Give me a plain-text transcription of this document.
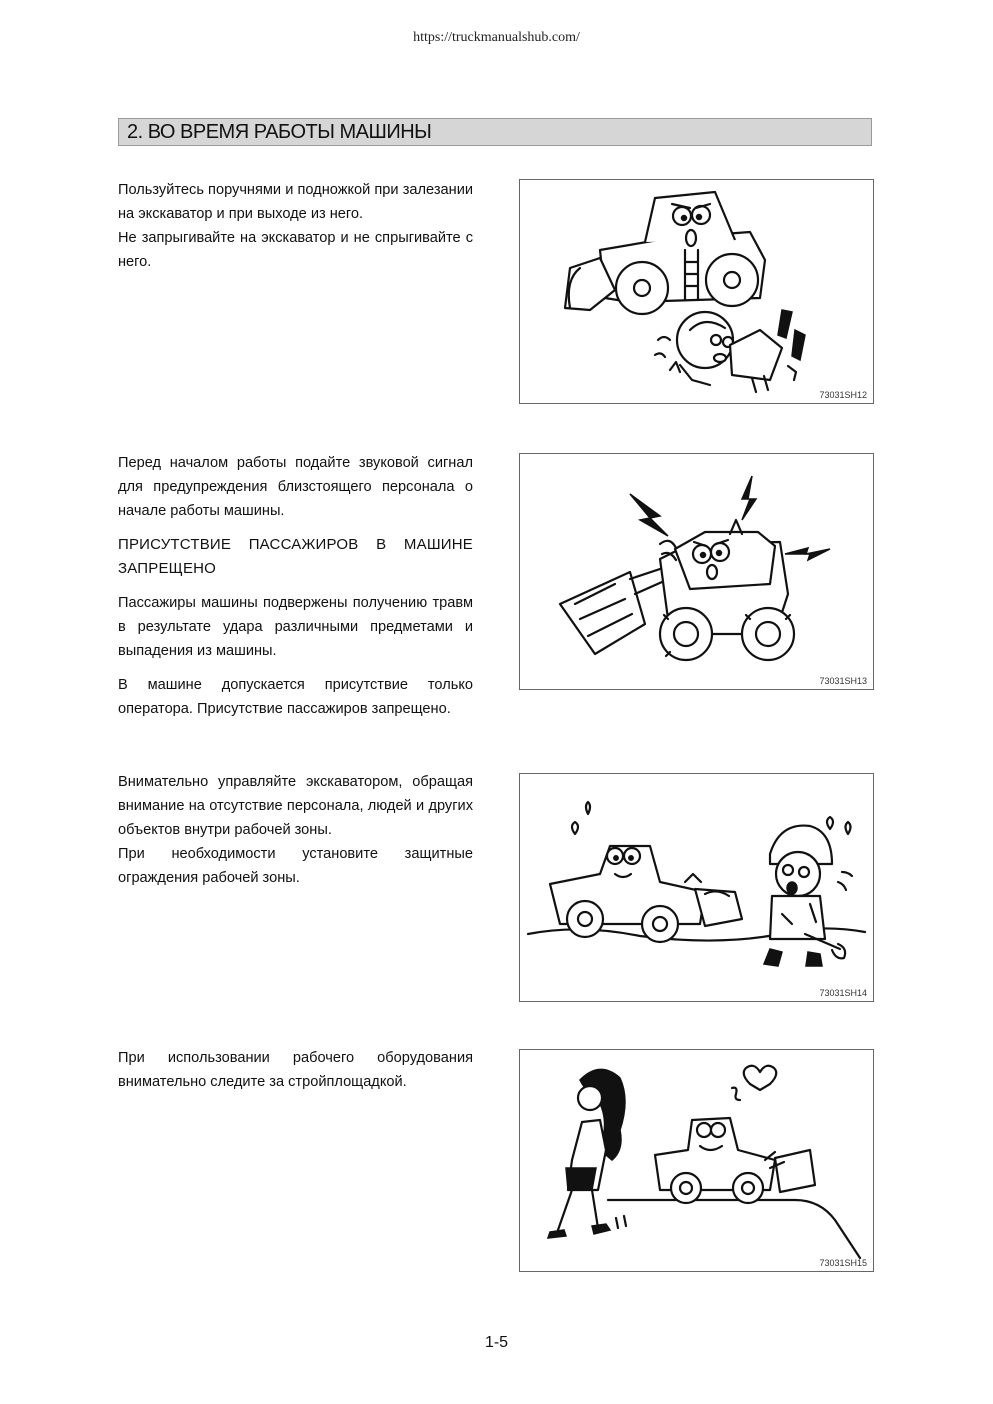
https://truckmanualshub.com/
2. ВО ВРЕМЯ РАБОТЫ МАШИНЫ

Пользуйтесь поручнями и подножкой при залезании на экскаватор и при выходе из него.

Не запрыгивайте на экскаватор и не спрыгивайте с него.

73031SH12

Перед началом работы подайте звуковой сигнал для предупреждения близстоящего персонала о начале работы машины.

ПРИСУТСТВИЕ ПАССАЖИРОВ В МАШИНЕ ЗАПРЕЩЕНО

Пассажиры машины подвержены получению травм в результате удара различными предметами и выпадения из машины.

В машине допускается присутствие только оператора. Присутствие пассажиров запрещено.

73031SH13

Внимательно управляйте экскаватором, обращая внимание на отсутствие персонала, людей и других объектов внутри рабочей зоны.

При необходимости установите защитные ограждения рабочей зоны.

73031SH14

При использовании рабочего оборудования внимательно следите за стройплощадкой.

73031SH15
1-5
